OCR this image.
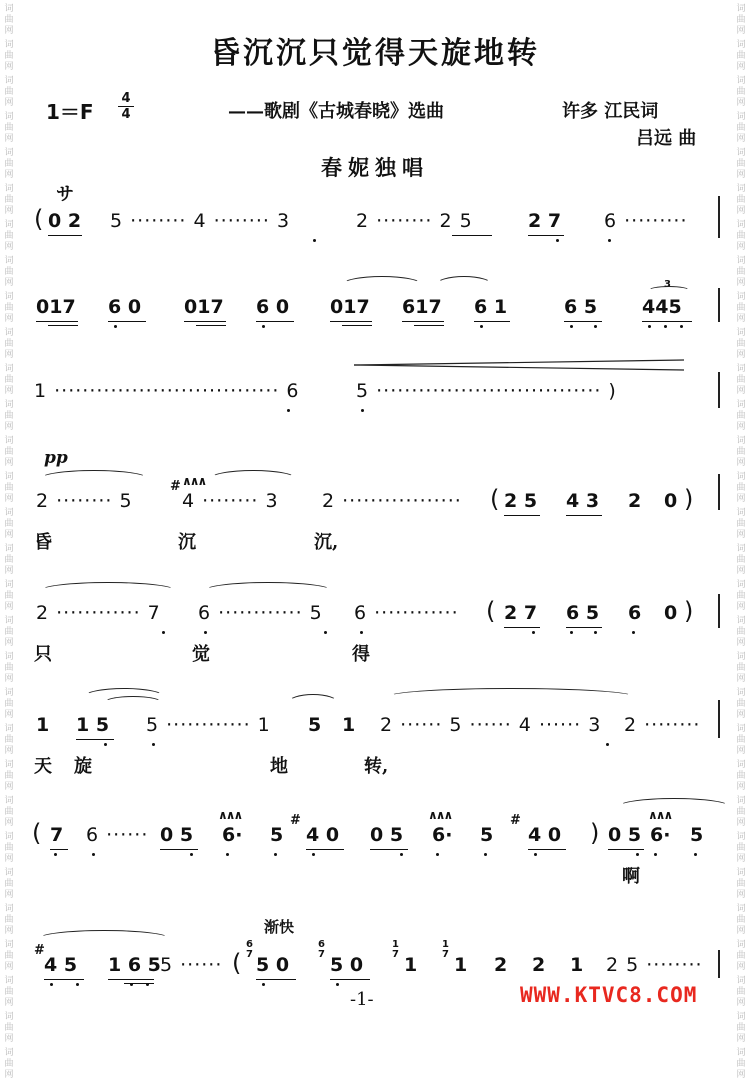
词
曲
网
词
曲
网
词
曲
网
词
曲
网
词
曲
网
词
曲
网
词
曲
网
词
曲
网
词
曲
网
词
曲
网
词
曲
网
词
曲
网
词
曲
网
词
曲
网
词
曲
网
词
曲
网
词
曲
网
词
曲
网
词
曲
网
词
曲
网
词
曲
网
词
曲
网
词
曲
网
词
曲
网
词
曲
网
词
曲
网
词
曲
网
词
曲
网
词
曲
网
词
曲
网
词
曲
网
词
曲
网
词
曲
网
词
曲
网
词
曲
网
词
曲
网
词
曲
网
词
曲
网
词
曲
网
词
曲
网
词
曲
网
词
曲
网
词
曲
网
词
曲
网
词
曲
网
词
曲
网
词
曲
网
词
曲
网
词
曲
网
词
曲
网
词
曲
网
词
曲
网
词
曲
网
词
曲
网
词
曲
网
词
曲
网
词
曲
网
词
曲
网
词
曲
网
词
曲
网
昏沉沉只觉得天旋地转
1＝F
4
4	——歌剧《古城春晓》选曲	许多 江民词
吕远 曲
春妮独唱
サ
( 0 2 5 ········ 4 ········ 3	2 ········ 2 5	2 7 6 ·········
017 6 0 017 6 0 017 617 6 1	6 5
3
445
1 ································ 6	5 ································ )
pp
2 ········ 5
# ∧∧∧
4 ········ 3 2 ················· ( 2 5 4 3 2 0 )
昏	沉	沉,
2 ············ 7 6 ············ 5 6 ············ ( 2 7 6 5 6 0 )
只	觉	得
1 1 5 5 ············ 1 5 1 2 ······ 5 ······ 4 ······ 3 2 ········
天 旋	地	转,
( 7 6 ······ 0 5
∧∧∧
6· 5
#
4 0 0 5
∧∧∧
6· 5
#
4 0 ) 0 5
∧∧∧
6· 5
啊
渐快
#
4 5 1 6 5 5 ······ (
6
7 5 0
6
7 5 0
1
7 1
1
7 1 2 2 1 2 5 ········
-1-	WWW.KTVC8.COM
